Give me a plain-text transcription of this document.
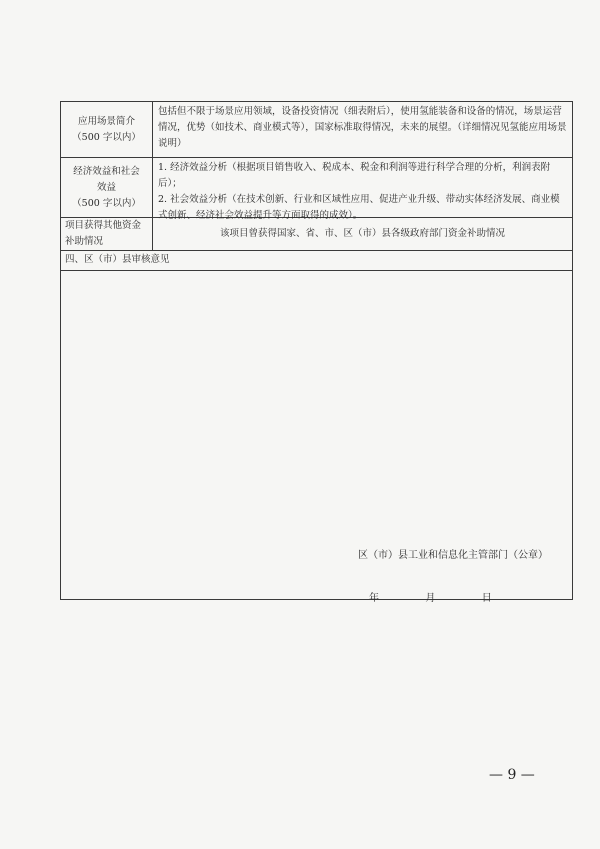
应用场景简介
（500 字以内）
包括但不限于场景应用领域，设备投资情况（细表附后），使用氢能装备和设备的情况，场景运营情况，优势（如技术、商业模式等），国家标准取得情况，未来的展望。（详细情况见氢能应用场景说明）
经济效益和社会
效益
（500 字以内）
1. 经济效益分析（根据项目销售收入、税成本、税金和利润等进行科学合理的分析，利润表附后）；
2. 社会效益分析（在技术创新、行业和区域性应用、促进产业升级、带动实体经济发展、商业模式创新、经济社会效益提升等方面取得的成效）。
项目获得其他资金补助情况
该项目曾获得国家、省、市、区（市）县各级政府部门资金补助情况
四、区（市）县审核意见
区（市）县工业和信息化主管部门（公章）
年	月	日
— 9 —
